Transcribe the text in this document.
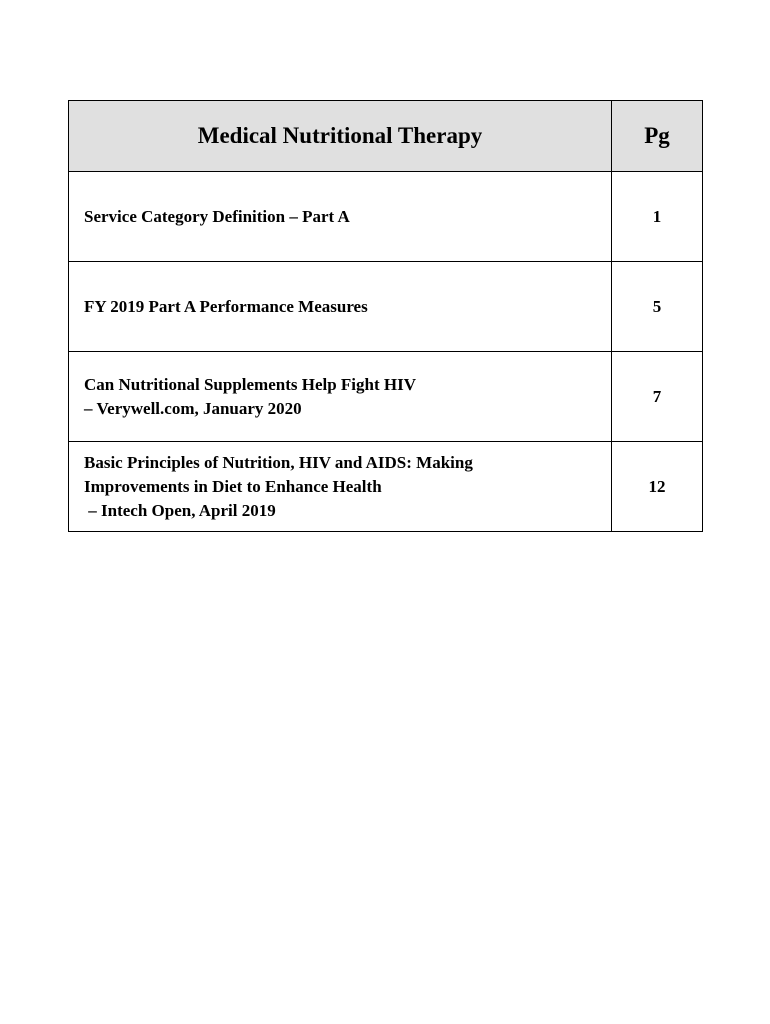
Medical Nutritional Therapy	Pg

Service Category Definition – Part A	1

FY 2019 Part A Performance Measures	5

Can Nutritional Supplements Help Fight HIV
– Verywell.com, January 2020	7

Basic Principles of Nutrition, HIV and AIDS: Making
Improvements in Diet to Enhance Health
– Intech Open, April 2019	12
